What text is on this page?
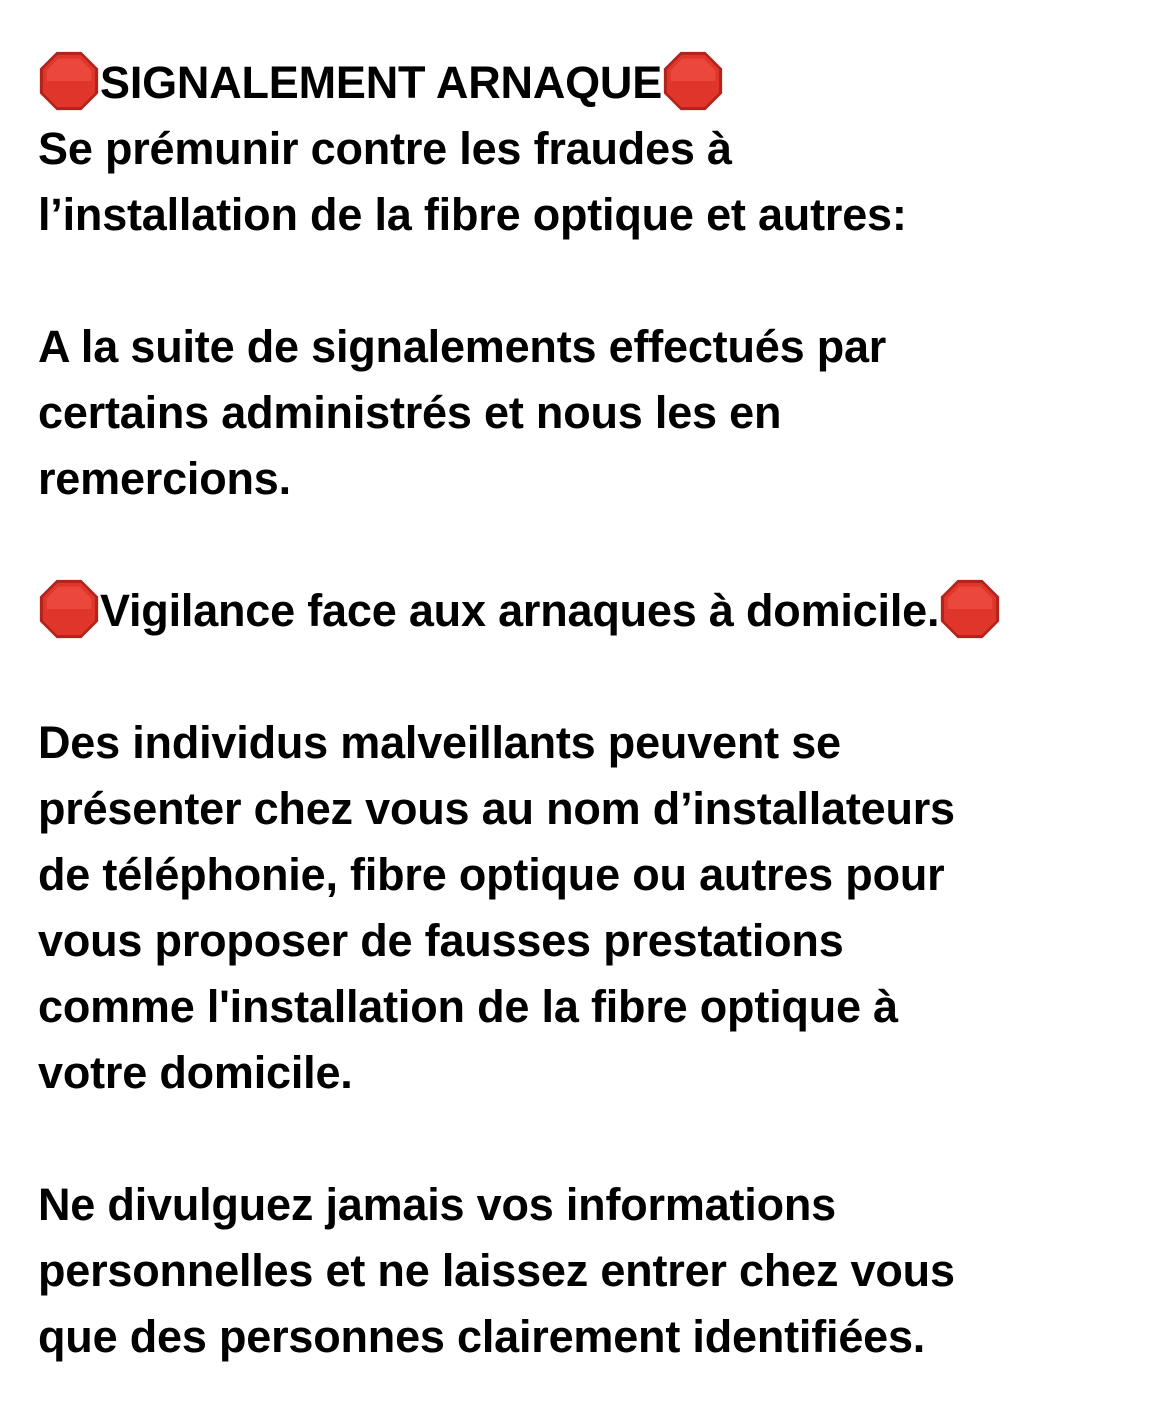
SIGNALEMENT ARNAQUE
Se prémunir contre les fraudes à
l’installation de la fibre optique et autres:
A la suite de signalements effectués par
certains administrés et nous les en
remercions.
Vigilance face aux arnaques à domicile.
Des individus malveillants peuvent se
présenter chez vous au nom d’installateurs
de téléphonie, fibre optique ou autres pour
vous proposer de fausses prestations
comme l'installation de la fibre optique à
votre domicile.
Ne divulguez jamais vos informations
personnelles et ne laissez entrer chez vous
que des personnes clairement identifiées.
